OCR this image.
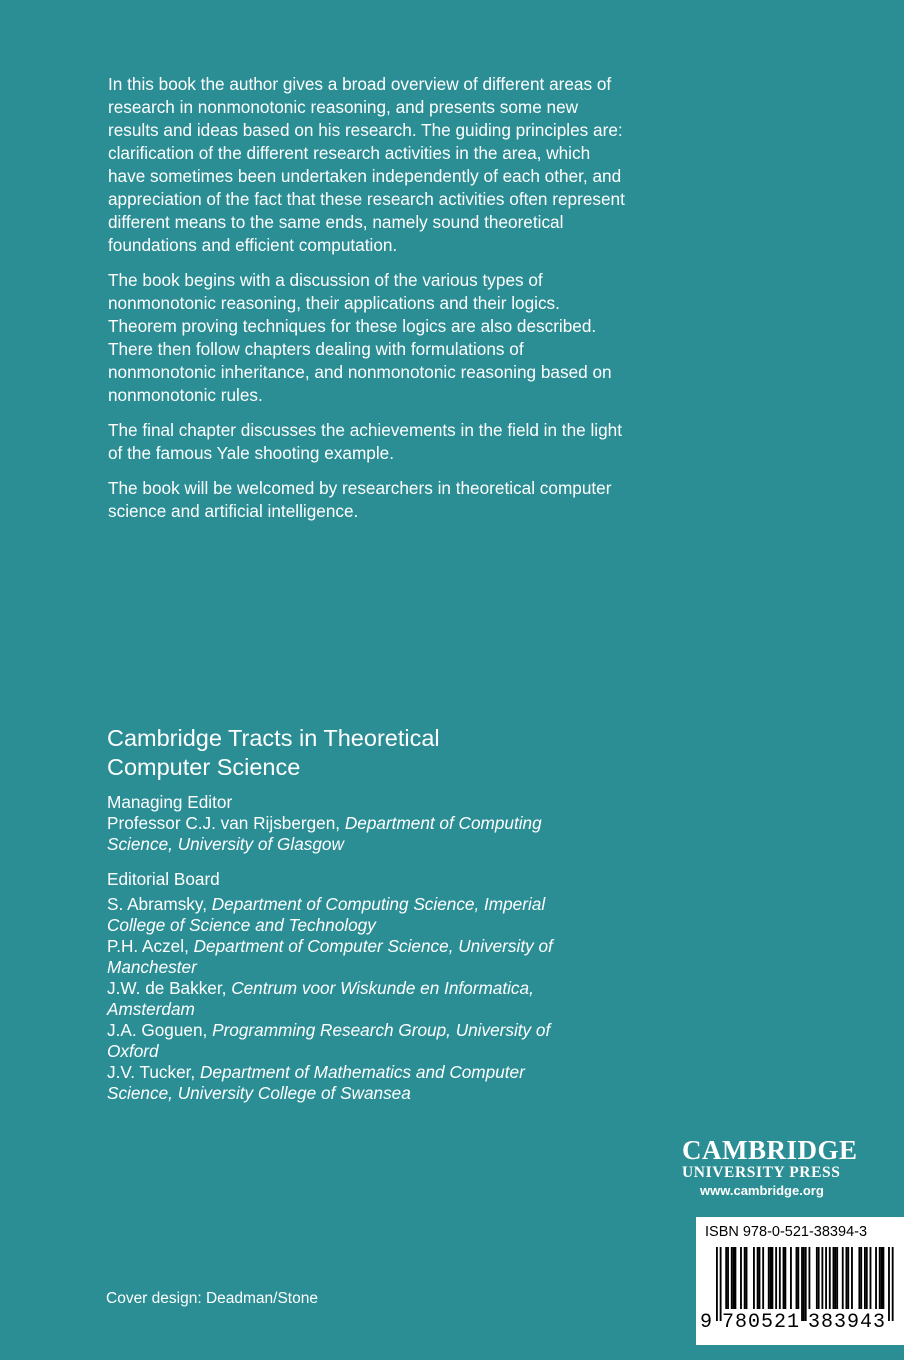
In this book the author gives a broad overview of different areas of research in nonmonotonic reasoning, and presents some new results and ideas based on his research. The guiding principles are: clarification of the different research activities in the area, which have sometimes been undertaken independently of each other, and appreciation of the fact that these research activities often represent different means to the same ends, namely sound theoretical foundations and efficient computation.

The book begins with a discussion of the various types of nonmonotonic reasoning, their applications and their logics. Theorem proving techniques for these logics are also described. There then follow chapters dealing with formulations of nonmonotonic inheritance, and nonmonotonic reasoning based on nonmonotonic rules.

The final chapter discusses the achievements in the field in the light of the famous Yale shooting example.

The book will be welcomed by researchers in theoretical computer science and artificial intelligence.

Cambridge Tracts in Theoretical
Computer Science
Managing Editor
Professor C.J. van Rijsbergen, Department of Computing
Science, University of Glasgow
Editorial Board
S. Abramsky, Department of Computing Science, Imperial
College of Science and Technology
P.H. Aczel, Department of Computer Science, University of
Manchester
J.W. de Bakker, Centrum voor Wiskunde en Informatica,
Amsterdam
J.A. Goguen, Programming Research Group, University of
Oxford
J.V. Tucker, Department of Mathematics and Computer
Science, University College of Swansea
Cover design: Deadman/Stone
CAMBRIDGE
UNIVERSITY PRESS
www.cambridge.org
ISBN 978-0-521-38394-3
9 780521 383943
